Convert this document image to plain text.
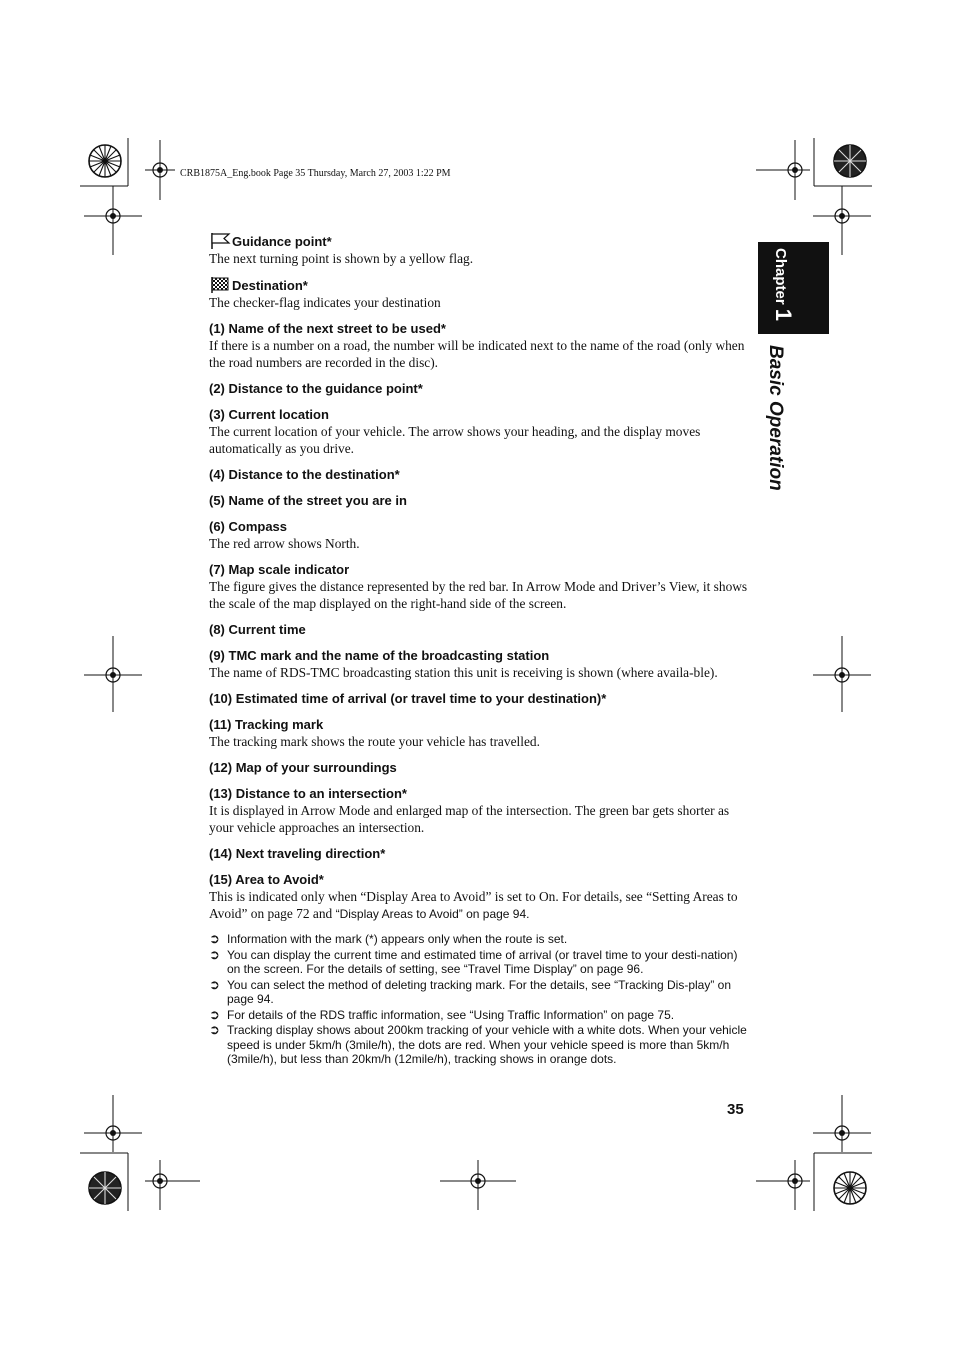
CRB1875A_Eng.book Page 35 Thursday, March 27, 2003 1:22 PM
Chapter1
Basic Operation
Guidance point*
The next turning point is shown by a yellow flag.
Destination*
The checker-flag indicates your destination
(1) Name of the next street to be used*
If there is a number on a road, the number will be indicated next to the name of the road (only when the road numbers are recorded in the disc).
(2) Distance to the guidance point*
(3) Current location
The current location of your vehicle. The arrow shows your heading, and the display moves automatically as you drive.
(4) Distance to the destination*
(5) Name of the street you are in
(6) Compass
The red arrow shows North.
(7) Map scale indicator
The figure gives the distance represented by the red bar. In Arrow Mode and Driver’s View, it shows the scale of the map displayed on the right-hand side of the screen.
(8) Current time
(9) TMC mark and the name of the broadcasting station
The name of RDS-TMC broadcasting station this unit is receiving is shown (where availa-ble).
(10) Estimated time of arrival (or travel time to your destination)*
(11) Tracking mark
The tracking mark shows the route your vehicle has travelled.
(12) Map of your surroundings
(13) Distance to an intersection*
It is displayed in Arrow Mode and enlarged map of the intersection. The green bar gets shorter as your vehicle approaches an intersection.
(14) Next traveling direction*
(15) Area to Avoid*
This is indicated only when “Display Area to Avoid” is set to On. For details, see “Setting Areas to Avoid” on page 72 and “Display Areas to Avoid” on page 94.
➲ Information with the mark (*) appears only when the route is set.
➲ You can display the current time and estimated time of arrival (or travel time to your desti-nation) on the screen. For the details of setting, see “Travel Time Display” on page 96.
➲ You can select the method of deleting tracking mark. For the details, see “Tracking Dis-play” on page 94.
➲ For details of the RDS traffic information, see “Using Traffic Information” on page 75.
➲ Tracking display shows about 200km tracking of your vehicle with a white dots. When your vehicle speed is under 5km/h (3mile/h), the dots are red. When your vehicle speed is more than 5km/h (3mile/h), but less than 20km/h (12mile/h), tracking shows in orange dots.
35
